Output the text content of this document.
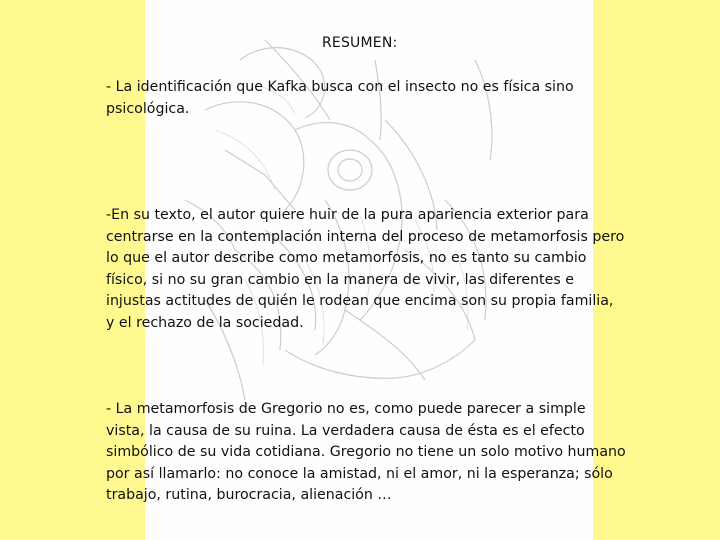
RESUMEN:

- La identificación que Kafka busca con el insecto no es física sino psicológica.

-En su texto, el autor quiere huir de la pura apariencia exterior para centrarse en la contemplación interna del proceso de metamorfosis pero lo que el autor describe como metamorfosis, no es tanto su cambio físico, si no su gran cambio en la manera de vivir, las diferentes e injustas actitudes de quién le rodean que encima son su propia familia, y el rechazo de la sociedad.

- La metamorfosis de Gregorio no es, como puede parecer a simple vista, la causa de su ruina. La verdadera causa de ésta es el efecto simbólico de su vida cotidiana. Gregorio no tiene un solo motivo humano por así llamarlo: no conoce la amistad, ni el amor, ni la esperanza; sólo trabajo, rutina, burocracia, alienación …
